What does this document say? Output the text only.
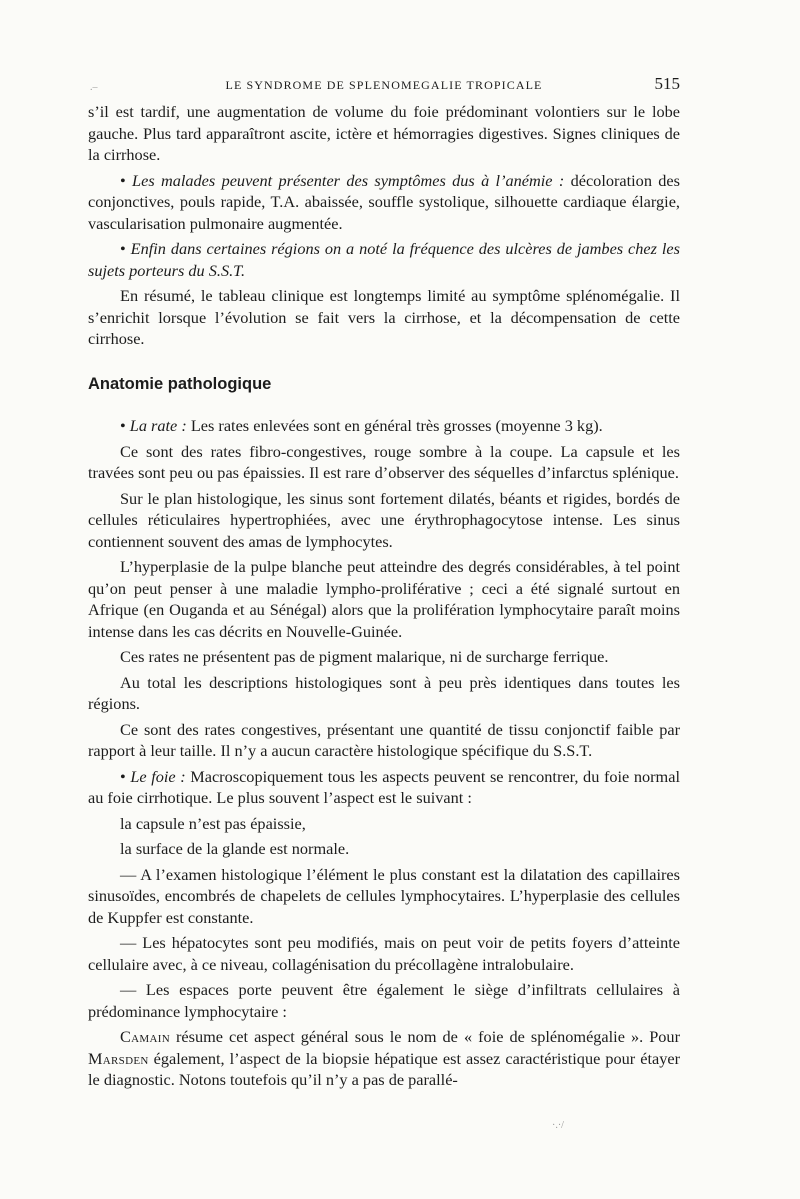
LE SYNDROME DE SPLENOMEGALIE TROPICALE	515

s’il est tardif, une augmentation de volume du foie prédominant volontiers sur le lobe gauche. Plus tard apparaîtront ascite, ictère et hémorragies digestives. Signes cliniques de la cirrhose.

• Les malades peuvent présenter des symptômes dus à l’anémie : décoloration des conjonctives, pouls rapide, T.A. abaissée, souffle systolique, silhouette cardiaque élargie, vascularisation pulmonaire augmentée.

• Enfin dans certaines régions on a noté la fréquence des ulcères de jambes chez les sujets porteurs du S.S.T.

En résumé, le tableau clinique est longtemps limité au symptôme splénomégalie. Il s’enrichit lorsque l’évolution se fait vers la cirrhose, et la décompensation de cette cirrhose.

Anatomie pathologique

• La rate : Les rates enlevées sont en général très grosses (moyenne 3 kg).

Ce sont des rates fibro-congestives, rouge sombre à la coupe. La capsule et les travées sont peu ou pas épaissies. Il est rare d’observer des séquelles d’infarctus splénique.

Sur le plan histologique, les sinus sont fortement dilatés, béants et rigides, bordés de cellules réticulaires hypertrophiées, avec une érythrophagocytose intense. Les sinus contiennent souvent des amas de lymphocytes.

L’hyperplasie de la pulpe blanche peut atteindre des degrés considérables, à tel point qu’on peut penser à une maladie lympho-proliférative ; ceci a été signalé surtout en Afrique (en Ouganda et au Sénégal) alors que la prolifération lymphocytaire paraît moins intense dans les cas décrits en Nouvelle-Guinée.

Ces rates ne présentent pas de pigment malarique, ni de surcharge ferrique.

Au total les descriptions histologiques sont à peu près identiques dans toutes les régions.

Ce sont des rates congestives, présentant une quantité de tissu conjonctif faible par rapport à leur taille. Il n’y a aucun caractère histologique spécifique du S.S.T.

• Le foie : Macroscopiquement tous les aspects peuvent se rencontrer, du foie normal au foie cirrhotique. Le plus souvent l’aspect est le suivant :

la capsule n’est pas épaissie,

la surface de la glande est normale.

— A l’examen histologique l’élément le plus constant est la dilatation des capillaires sinusoïdes, encombrés de chapelets de cellules lymphocytaires. L’hyperplasie des cellules de Kuppfer est constante.

— Les hépatocytes sont peu modifiés, mais on peut voir de petits foyers d’atteinte cellulaire avec, à ce niveau, collagénisation du précollagène intralobulaire.

— Les espaces porte peuvent être également le siège d’infiltrats cellulaires à prédominance lymphocytaire :

Camain résume cet aspect général sous le nom de « foie de splénomégalie ». Pour Marsden également, l’aspect de la biopsie hépatique est assez caractéristique pour étayer le diagnostic. Notons toutefois qu’il n’y a pas de parallé-

.–
·.·/
